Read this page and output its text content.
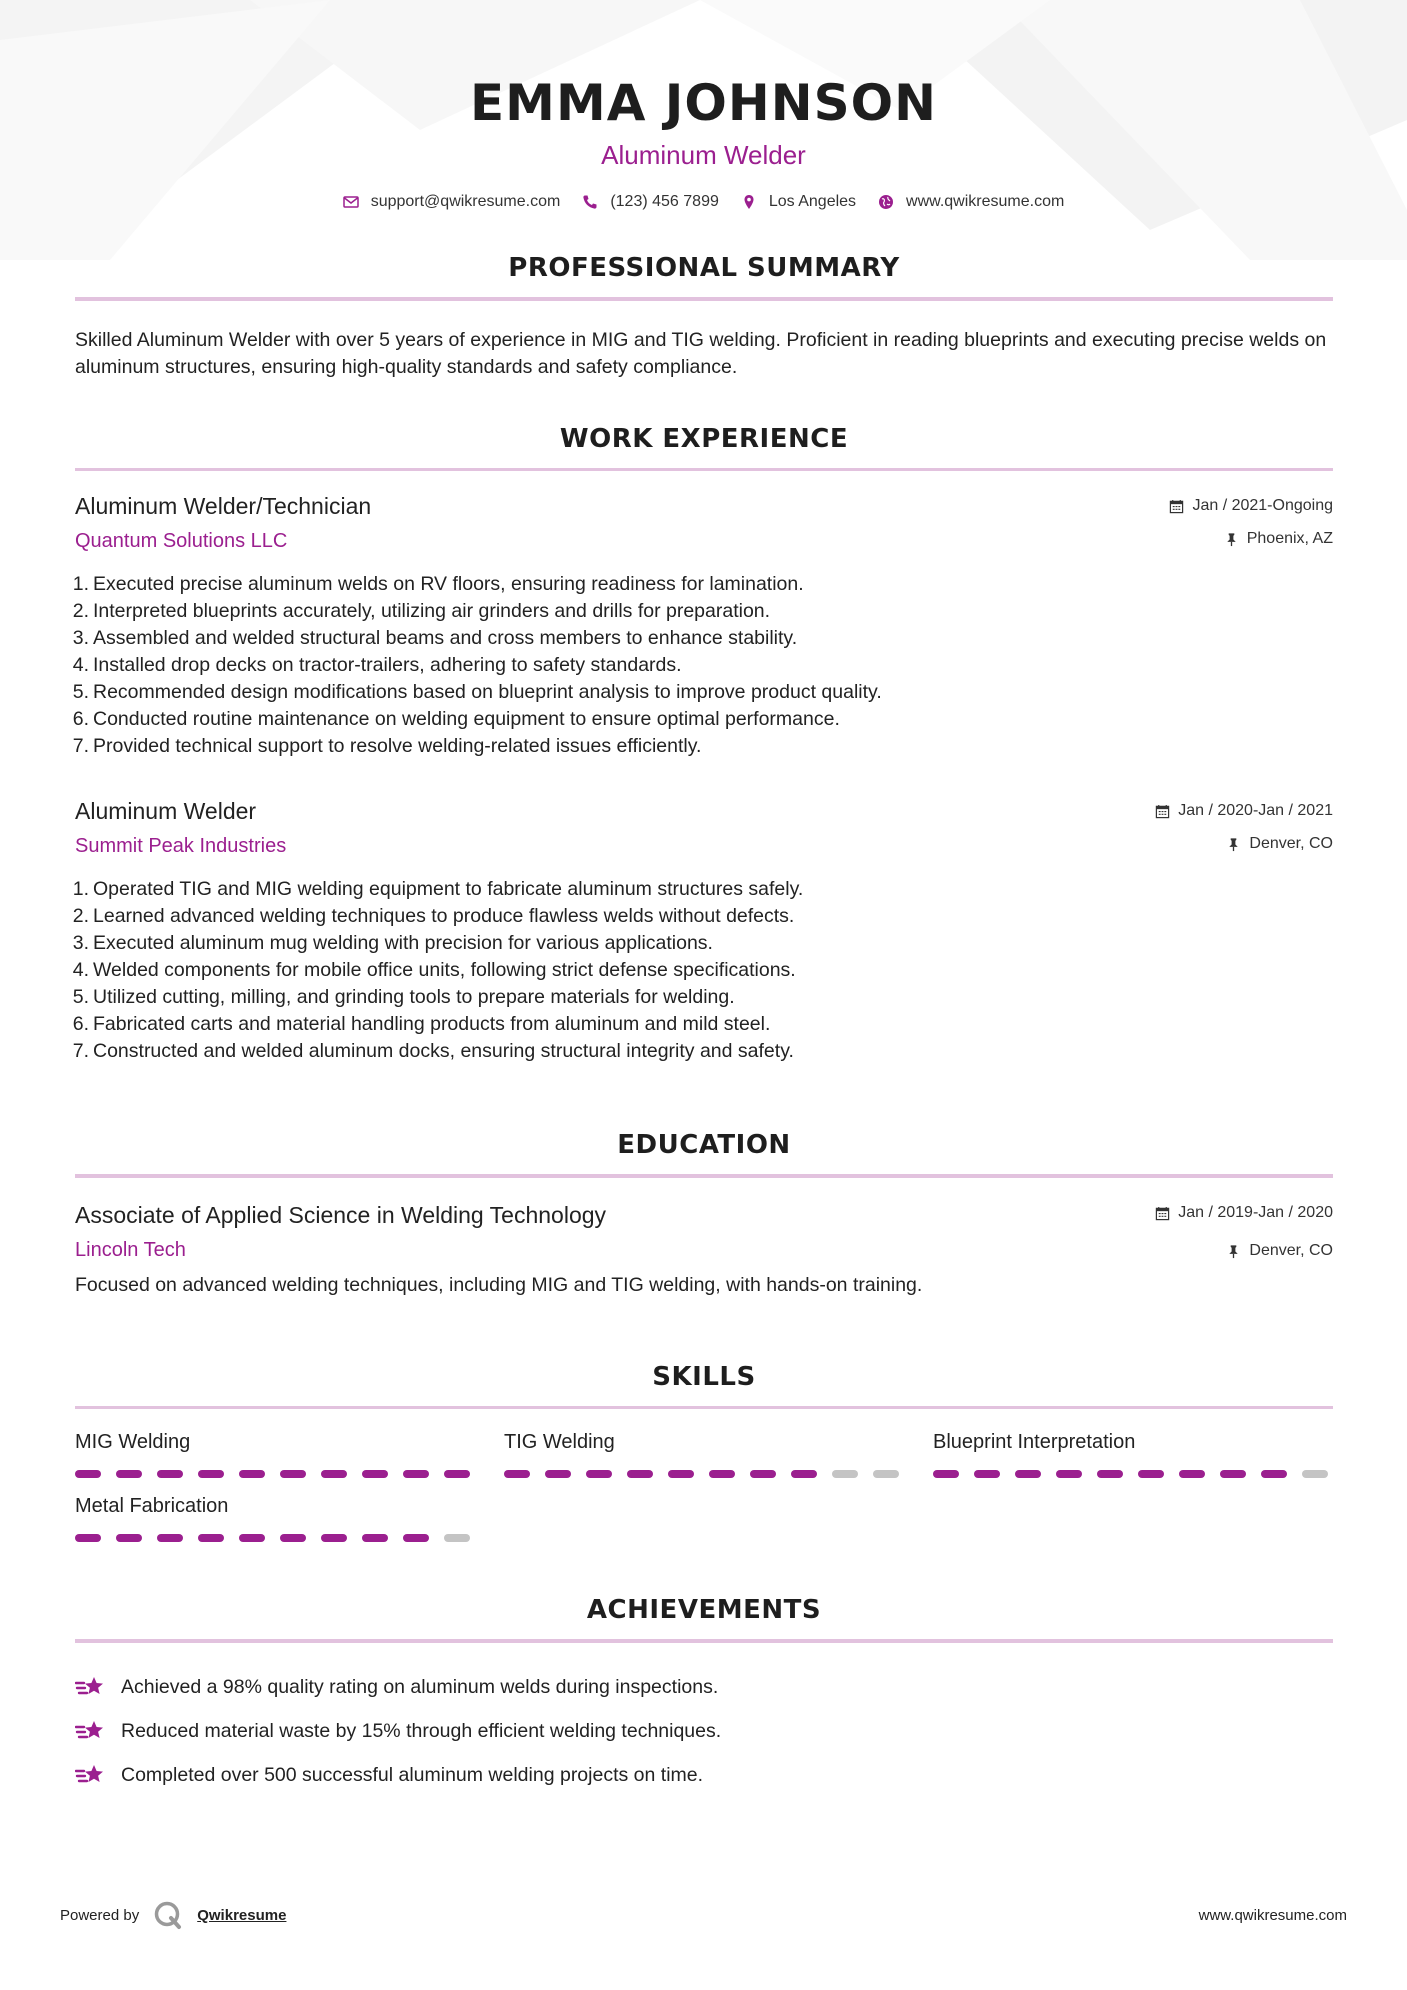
EMMA JOHNSON
Aluminum Welder
support@qwikresume.com	(123) 456 7899	Los Angeles	www.qwikresume.com
PROFESSIONAL SUMMARY
Skilled Aluminum Welder with over 5 years of experience in MIG and TIG welding. Proficient in reading blueprints and executing precise welds on aluminum structures, ensuring high-quality standards and safety compliance.
WORK EXPERIENCE
Aluminum Welder/Technician
Quantum Solutions LLC
Jan / 2021-Ongoing
Phoenix, AZ
1. Executed precise aluminum welds on RV floors, ensuring readiness for lamination.
2. Interpreted blueprints accurately, utilizing air grinders and drills for preparation.
3. Assembled and welded structural beams and cross members to enhance stability.
4. Installed drop decks on tractor-trailers, adhering to safety standards.
5. Recommended design modifications based on blueprint analysis to improve product quality.
6. Conducted routine maintenance on welding equipment to ensure optimal performance.
7. Provided technical support to resolve welding-related issues efficiently.
Aluminum Welder
Summit Peak Industries
Jan / 2020-Jan / 2021
Denver, CO
1. Operated TIG and MIG welding equipment to fabricate aluminum structures safely.
2. Learned advanced welding techniques to produce flawless welds without defects.
3. Executed aluminum mug welding with precision for various applications.
4. Welded components for mobile office units, following strict defense specifications.
5. Utilized cutting, milling, and grinding tools to prepare materials for welding.
6. Fabricated carts and material handling products from aluminum and mild steel.
7. Constructed and welded aluminum docks, ensuring structural integrity and safety.
EDUCATION
Associate of Applied Science in Welding Technology
Lincoln Tech
Jan / 2019-Jan / 2020
Denver, CO
Focused on advanced welding techniques, including MIG and TIG welding, with hands-on training.
SKILLS
MIG Welding	TIG Welding	Blueprint Interpretation
Metal Fabrication
ACHIEVEMENTS
Achieved a 98% quality rating on aluminum welds during inspections.
Reduced material waste by 15% through efficient welding techniques.
Completed over 500 successful aluminum welding projects on time.
Powered by	Qwikresume	www.qwikresume.com
